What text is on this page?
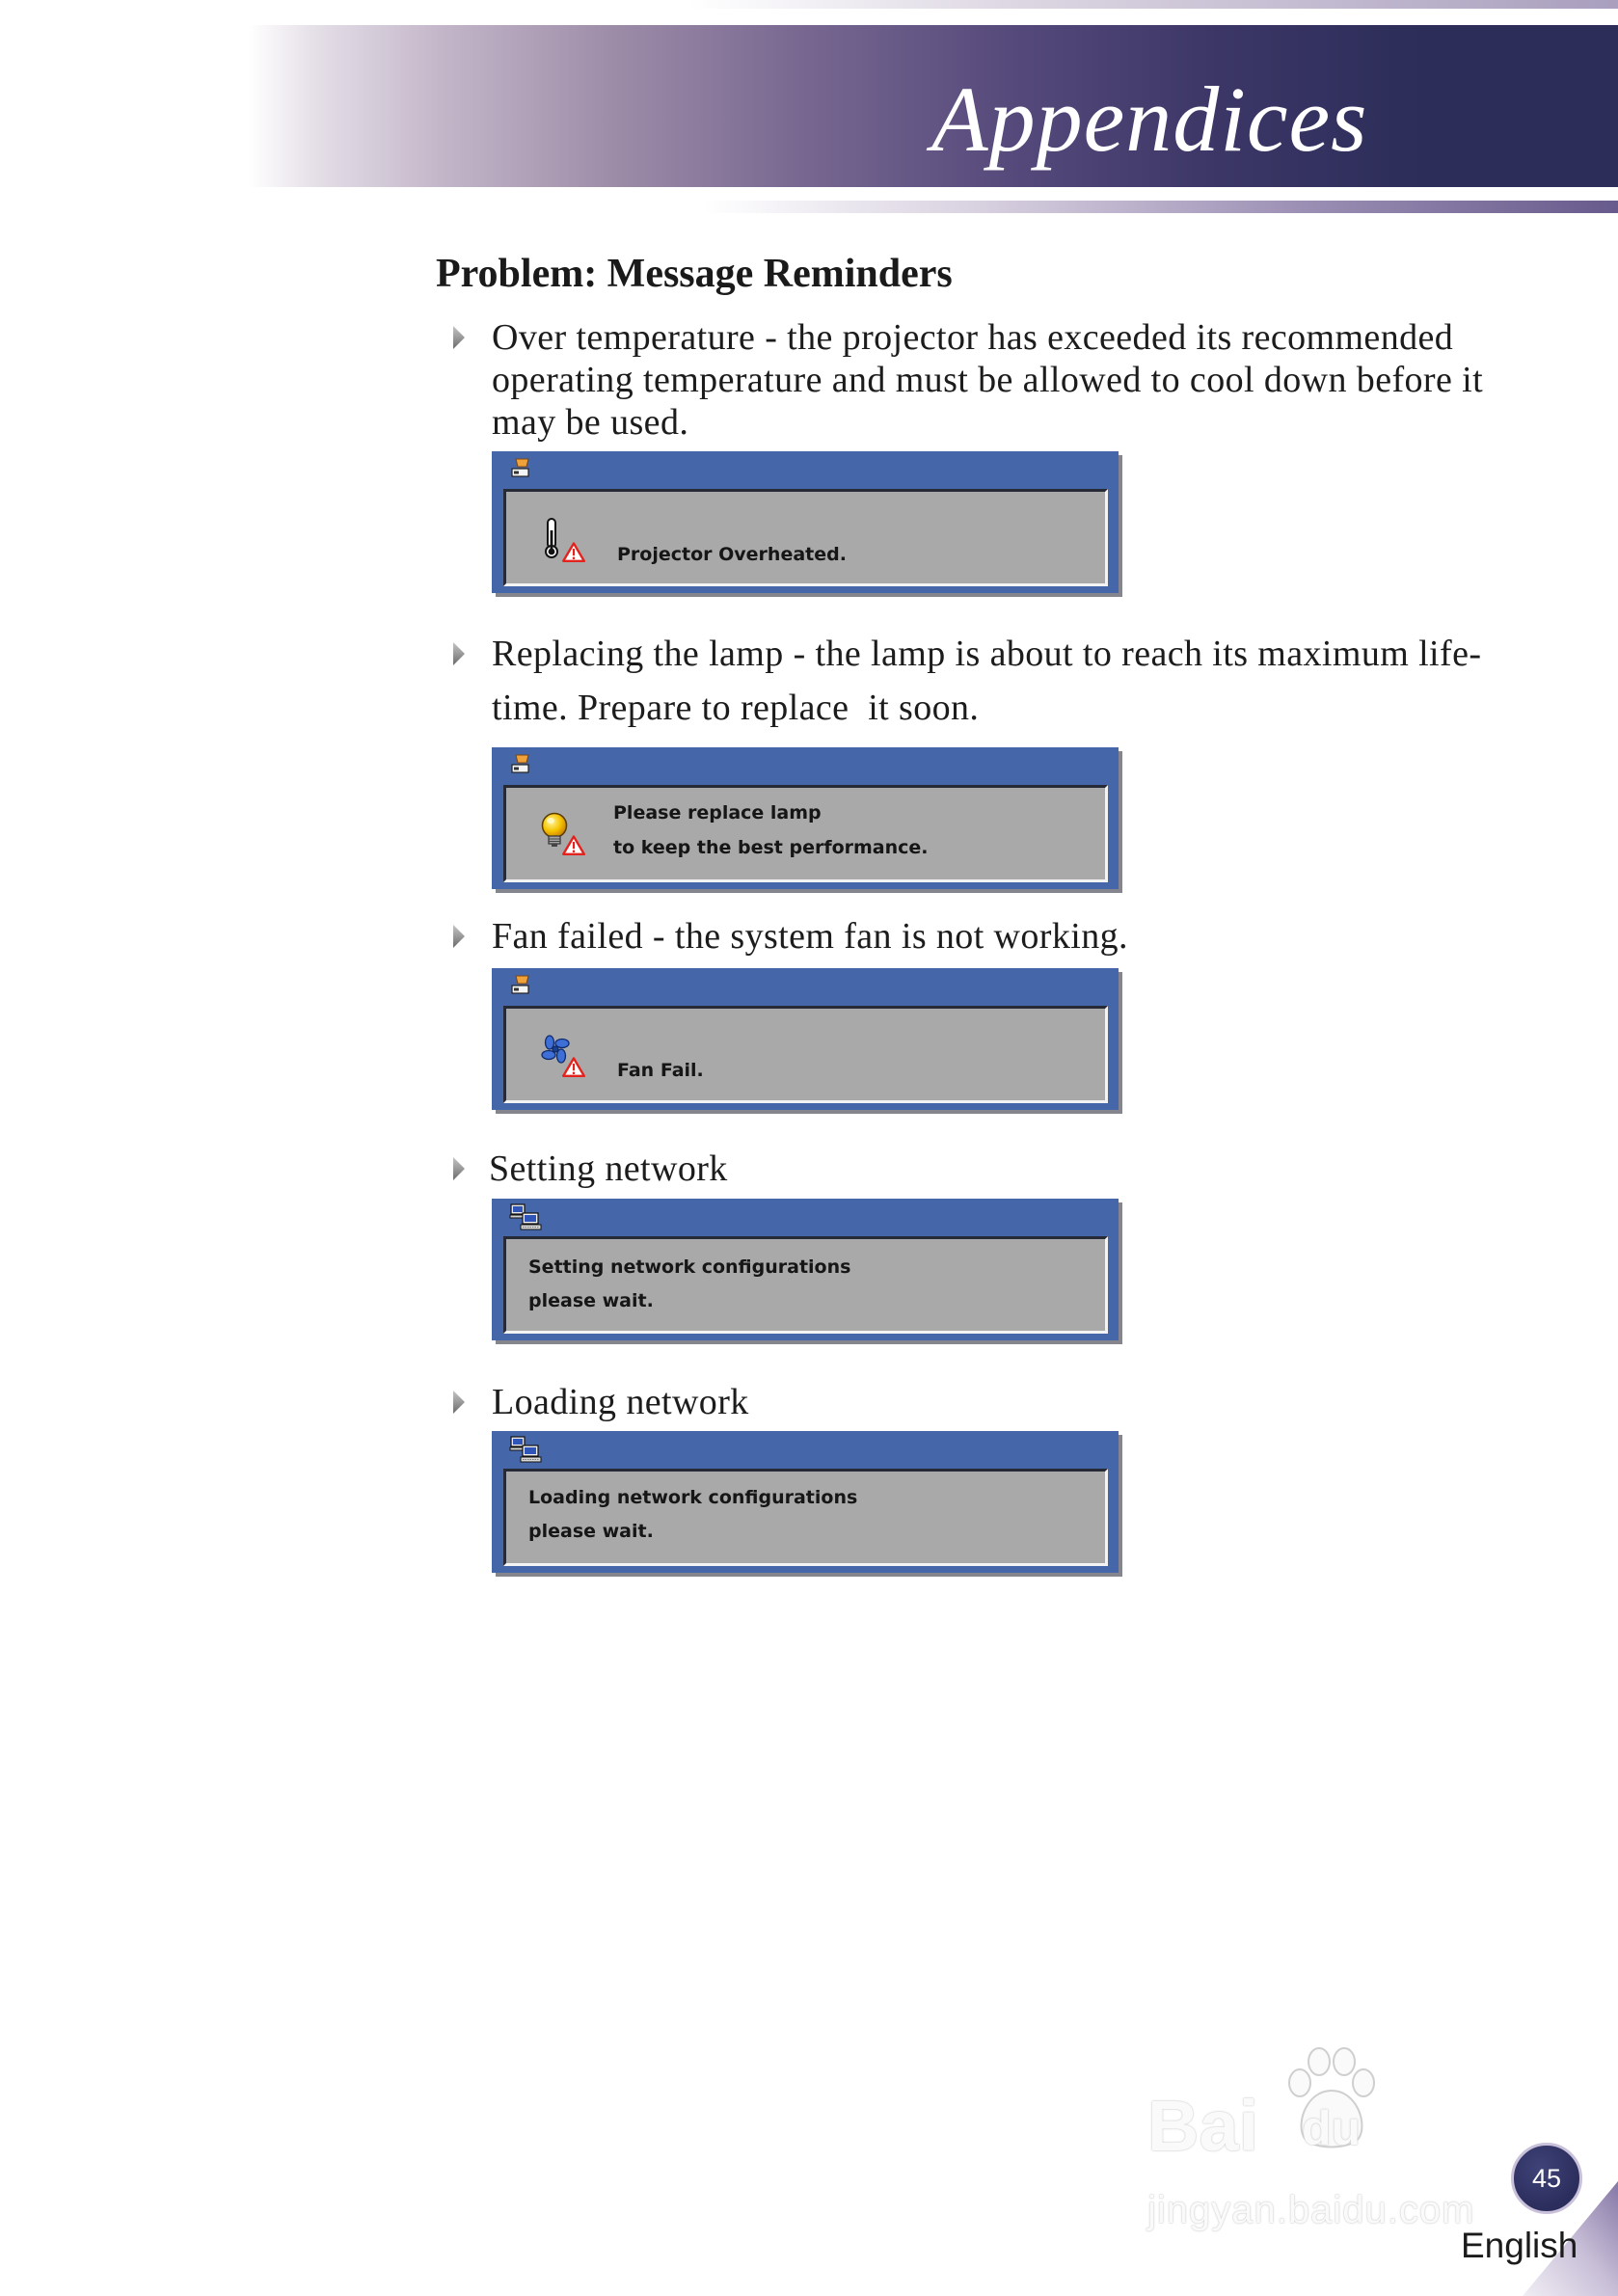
Appendices
Problem: Message Reminders
Over temperature - the projector has exceeded its recommended
operating temperature and must be allowed to cool down before it
may be used.
Projector Overheated.
Replacing the lamp - the lamp is about to reach its maximum life-
time. Prepare to replace  it soon.
Please replace lamp
to keep the best performance.
Fan failed - the system fan is not working.
Fan Fail.
Setting network
Setting network configurations
please wait.
Loading network
Loading network configurations
please wait.
Bai du
jingyan.baidu.com
45
English
